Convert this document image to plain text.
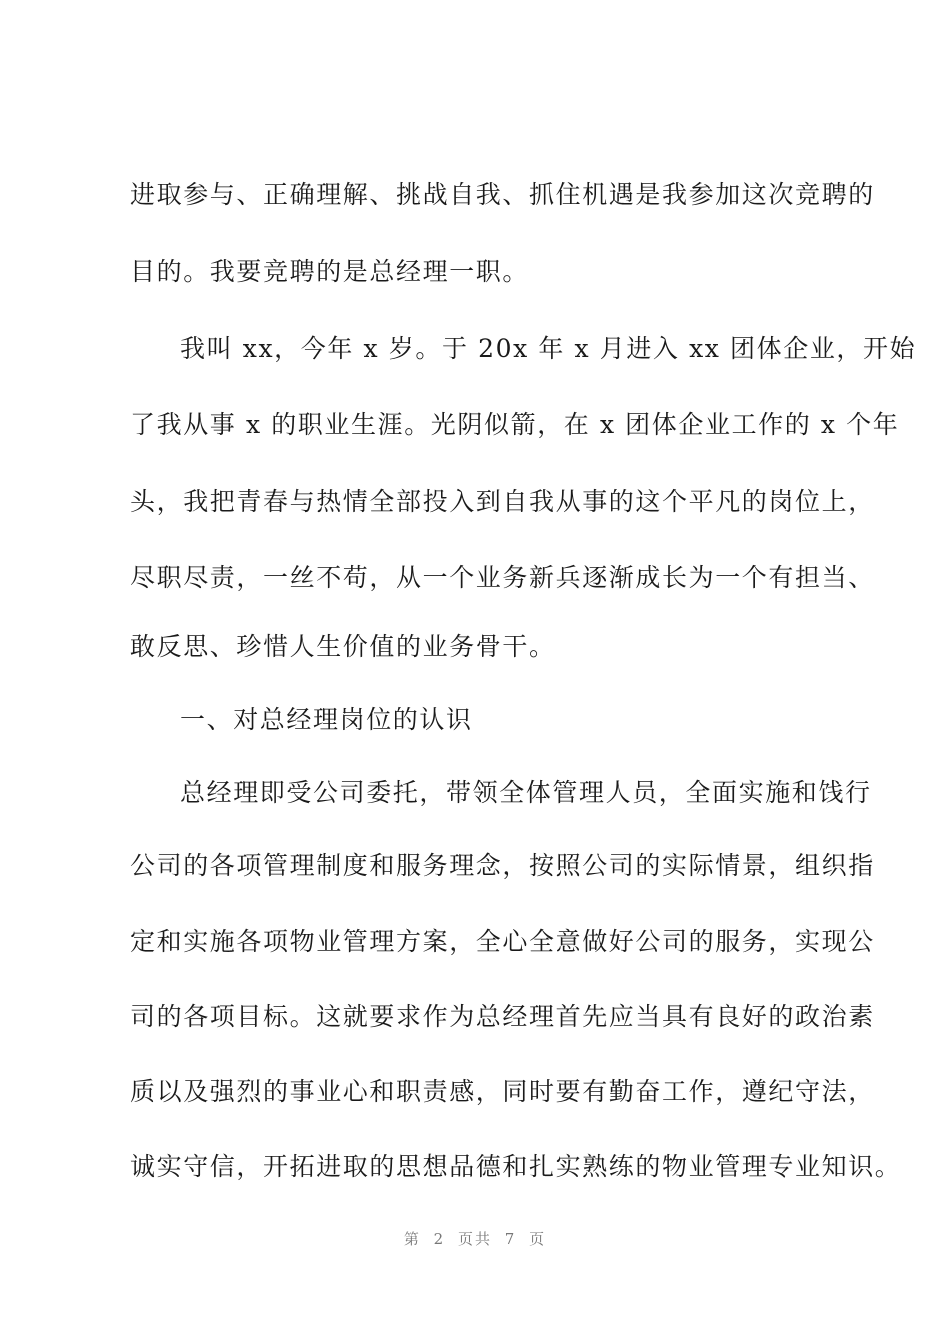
进取参与、正确理解、挑战自我、抓住机遇是我参加这次竞聘的
目的。我要竞聘的是总经理一职。
我叫 xx，今年 x 岁。于 20x 年 x 月进入 xx 团体企业，开始
了我从事 x 的职业生涯。光阴似箭，在 x 团体企业工作的 x 个年
头，我把青春与热情全部投入到自我从事的这个平凡的岗位上，
尽职尽责，一丝不苟，从一个业务新兵逐渐成长为一个有担当、
敢反思、珍惜人生价值的业务骨干。
一、对总经理岗位的认识
总经理即受公司委托，带领全体管理人员，全面实施和饯行
公司的各项管理制度和服务理念，按照公司的实际情景，组织指
定和实施各项物业管理方案，全心全意做好公司的服务，实现公
司的各项目标。这就要求作为总经理首先应当具有良好的政治素
质以及强烈的事业心和职责感，同时要有勤奋工作，遵纪守法，
诚实守信，开拓进取的思想品德和扎实熟练的物业管理专业知识。
第 2 页共 7 页
